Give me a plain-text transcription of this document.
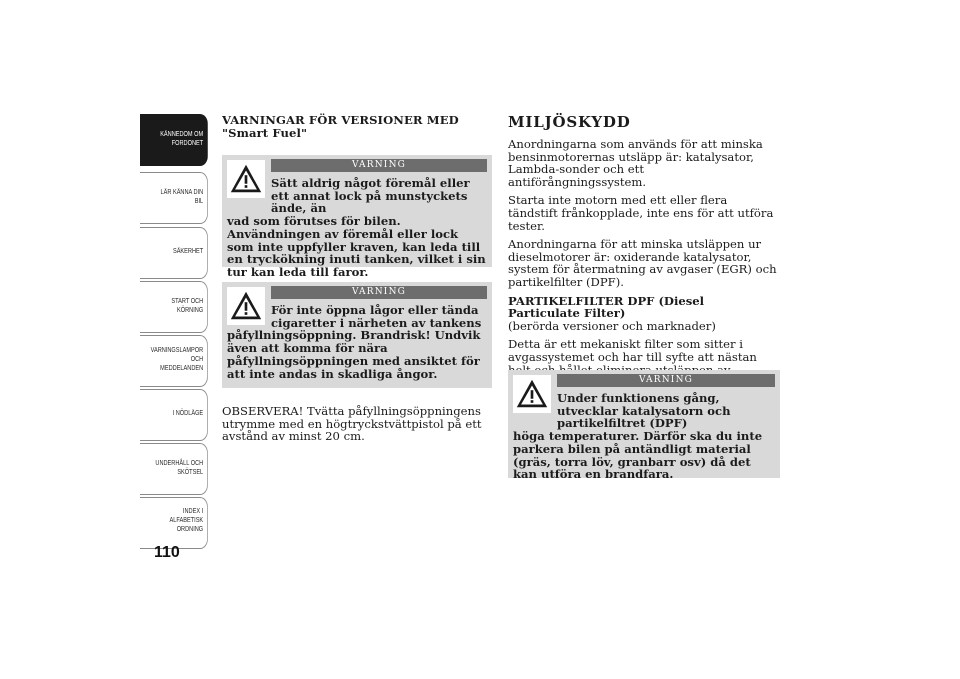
KÄNNEDOM OM
FORDONET
LÄR KÄNNA DIN
BIL
SÄKERHET
START OCH
KÖRNING
VARNINGSLAMPOR
OCH
MEDDELANDEN
I NÖDLÄGE
UNDERHÅLL OCH
SKÖTSEL
INDEX I
ALFABETISK
ORDNING
110
VARNINGAR FÖR VERSIONER MED "Smart Fuel"
VARNING
Sätt aldrig något föremål eller ett annat lock på munstyckets ände, än
vad som förutses för bilen. Användningen av föremål eller lock som inte uppfyller kraven, kan leda till en tryckökning inuti tanken, vilket i sin tur kan leda till faror.
VARNING
För inte öppna lågor eller tända cigaretter i närheten av tankens
påfyllningsöppning. Brandrisk! Undvik även att komma för nära påfyllningsöppningen med ansiktet för att inte andas in skadliga ångor.

OBSERVERA! Tvätta påfyllningsöppningens utrymme med en högtryckstvättpistol på ett avstånd av minst 20 cm.

MILJÖSKYDD

Anordningarna som används för att minska bensinmotorernas utsläpp är: katalysator, Lambda-sonder och ett antiförångningssystem.

Starta inte motorn med ett eller flera tändstift frånkopplade, inte ens för att utföra tester.

Anordningarna för att minska utsläppen ur dieselmotorer är: oxiderande katalysator, system för återmatning av avgaser (EGR) och partikelfilter (DPF).

PARTIKELFILTER DPF (Diesel Particulate Filter)
(berörda versioner och marknader)

Detta är ett mekaniskt filter som sitter i avgassystemet och har till syfte att nästan

VARNING
Under funktionens gång, utvecklar katalysatorn och partikelfiltret (DPF)
höga temperaturer. Därför ska du inte parkera bilen på antändligt material (gräs, torra löv, granbarr osv) då det kan utföra en brandfara.
